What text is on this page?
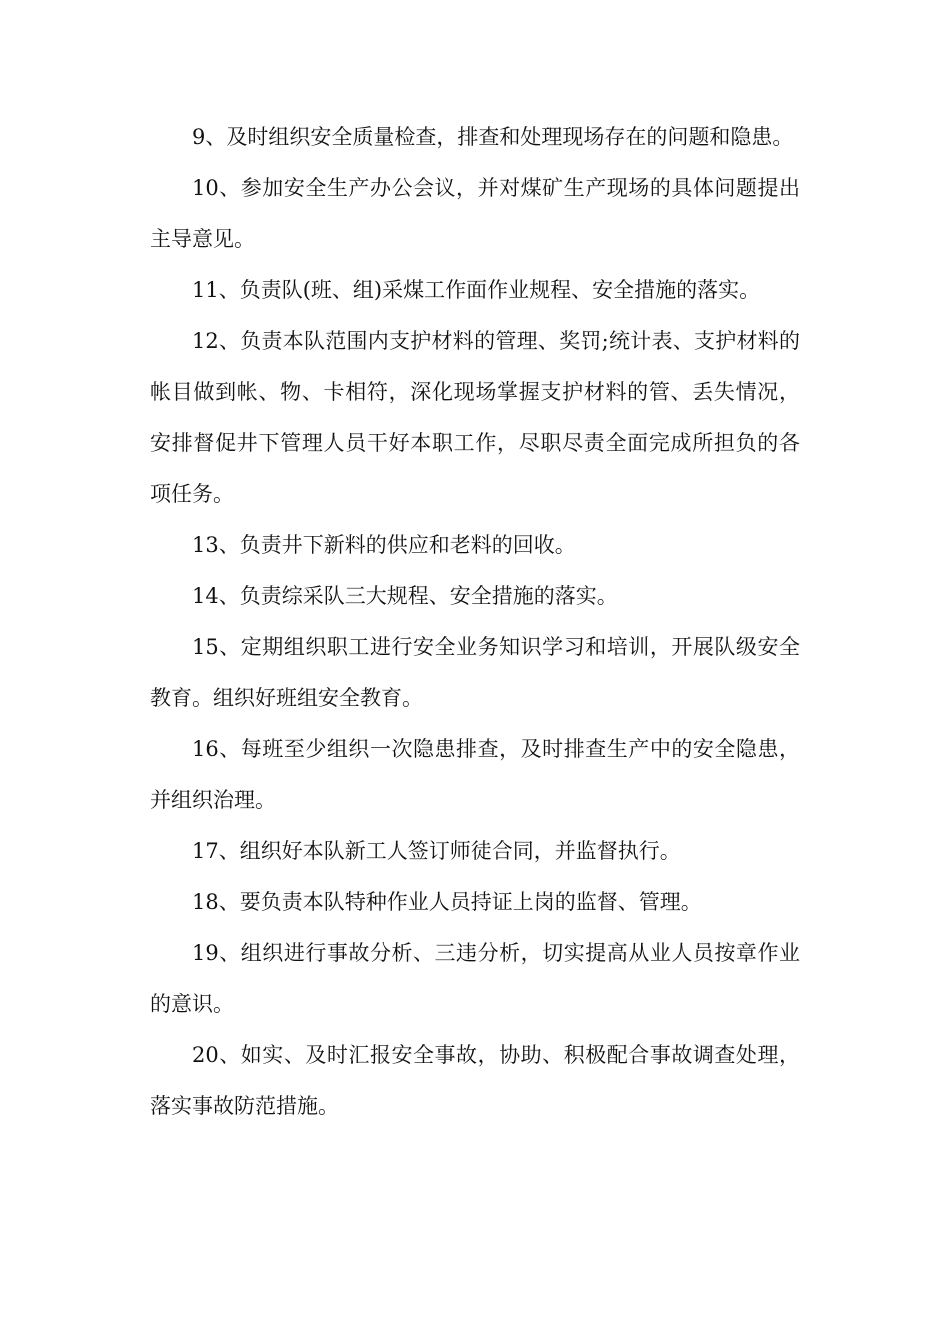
9、及时组织安全质量检查，排查和处理现场存在的问题和隐患。

10、参加安全生产办公会议，并对煤矿生产现场的具体问题提出主导意见。

11、负责队(班、组)采煤工作面作业规程、安全措施的落实。

12、负责本队范围内支护材料的管理、奖罚;统计表、支护材料的帐目做到帐、物、卡相符，深化现场掌握支护材料的管、丢失情况，安排督促井下管理人员干好本职工作，尽职尽责全面完成所担负的各项任务。

13、负责井下新料的供应和老料的回收。

14、负责综采队三大规程、安全措施的落实。

15、定期组织职工进行安全业务知识学习和培训，开展队级安全教育。组织好班组安全教育。

16、每班至少组织一次隐患排查，及时排查生产中的安全隐患，并组织治理。

17、组织好本队新工人签订师徒合同，并监督执行。

18、要负责本队特种作业人员持证上岗的监督、管理。

19、组织进行事故分析、三违分析，切实提高从业人员按章作业的意识。

20、如实、及时汇报安全事故，协助、积极配合事故调查处理，落实事故防范措施。
